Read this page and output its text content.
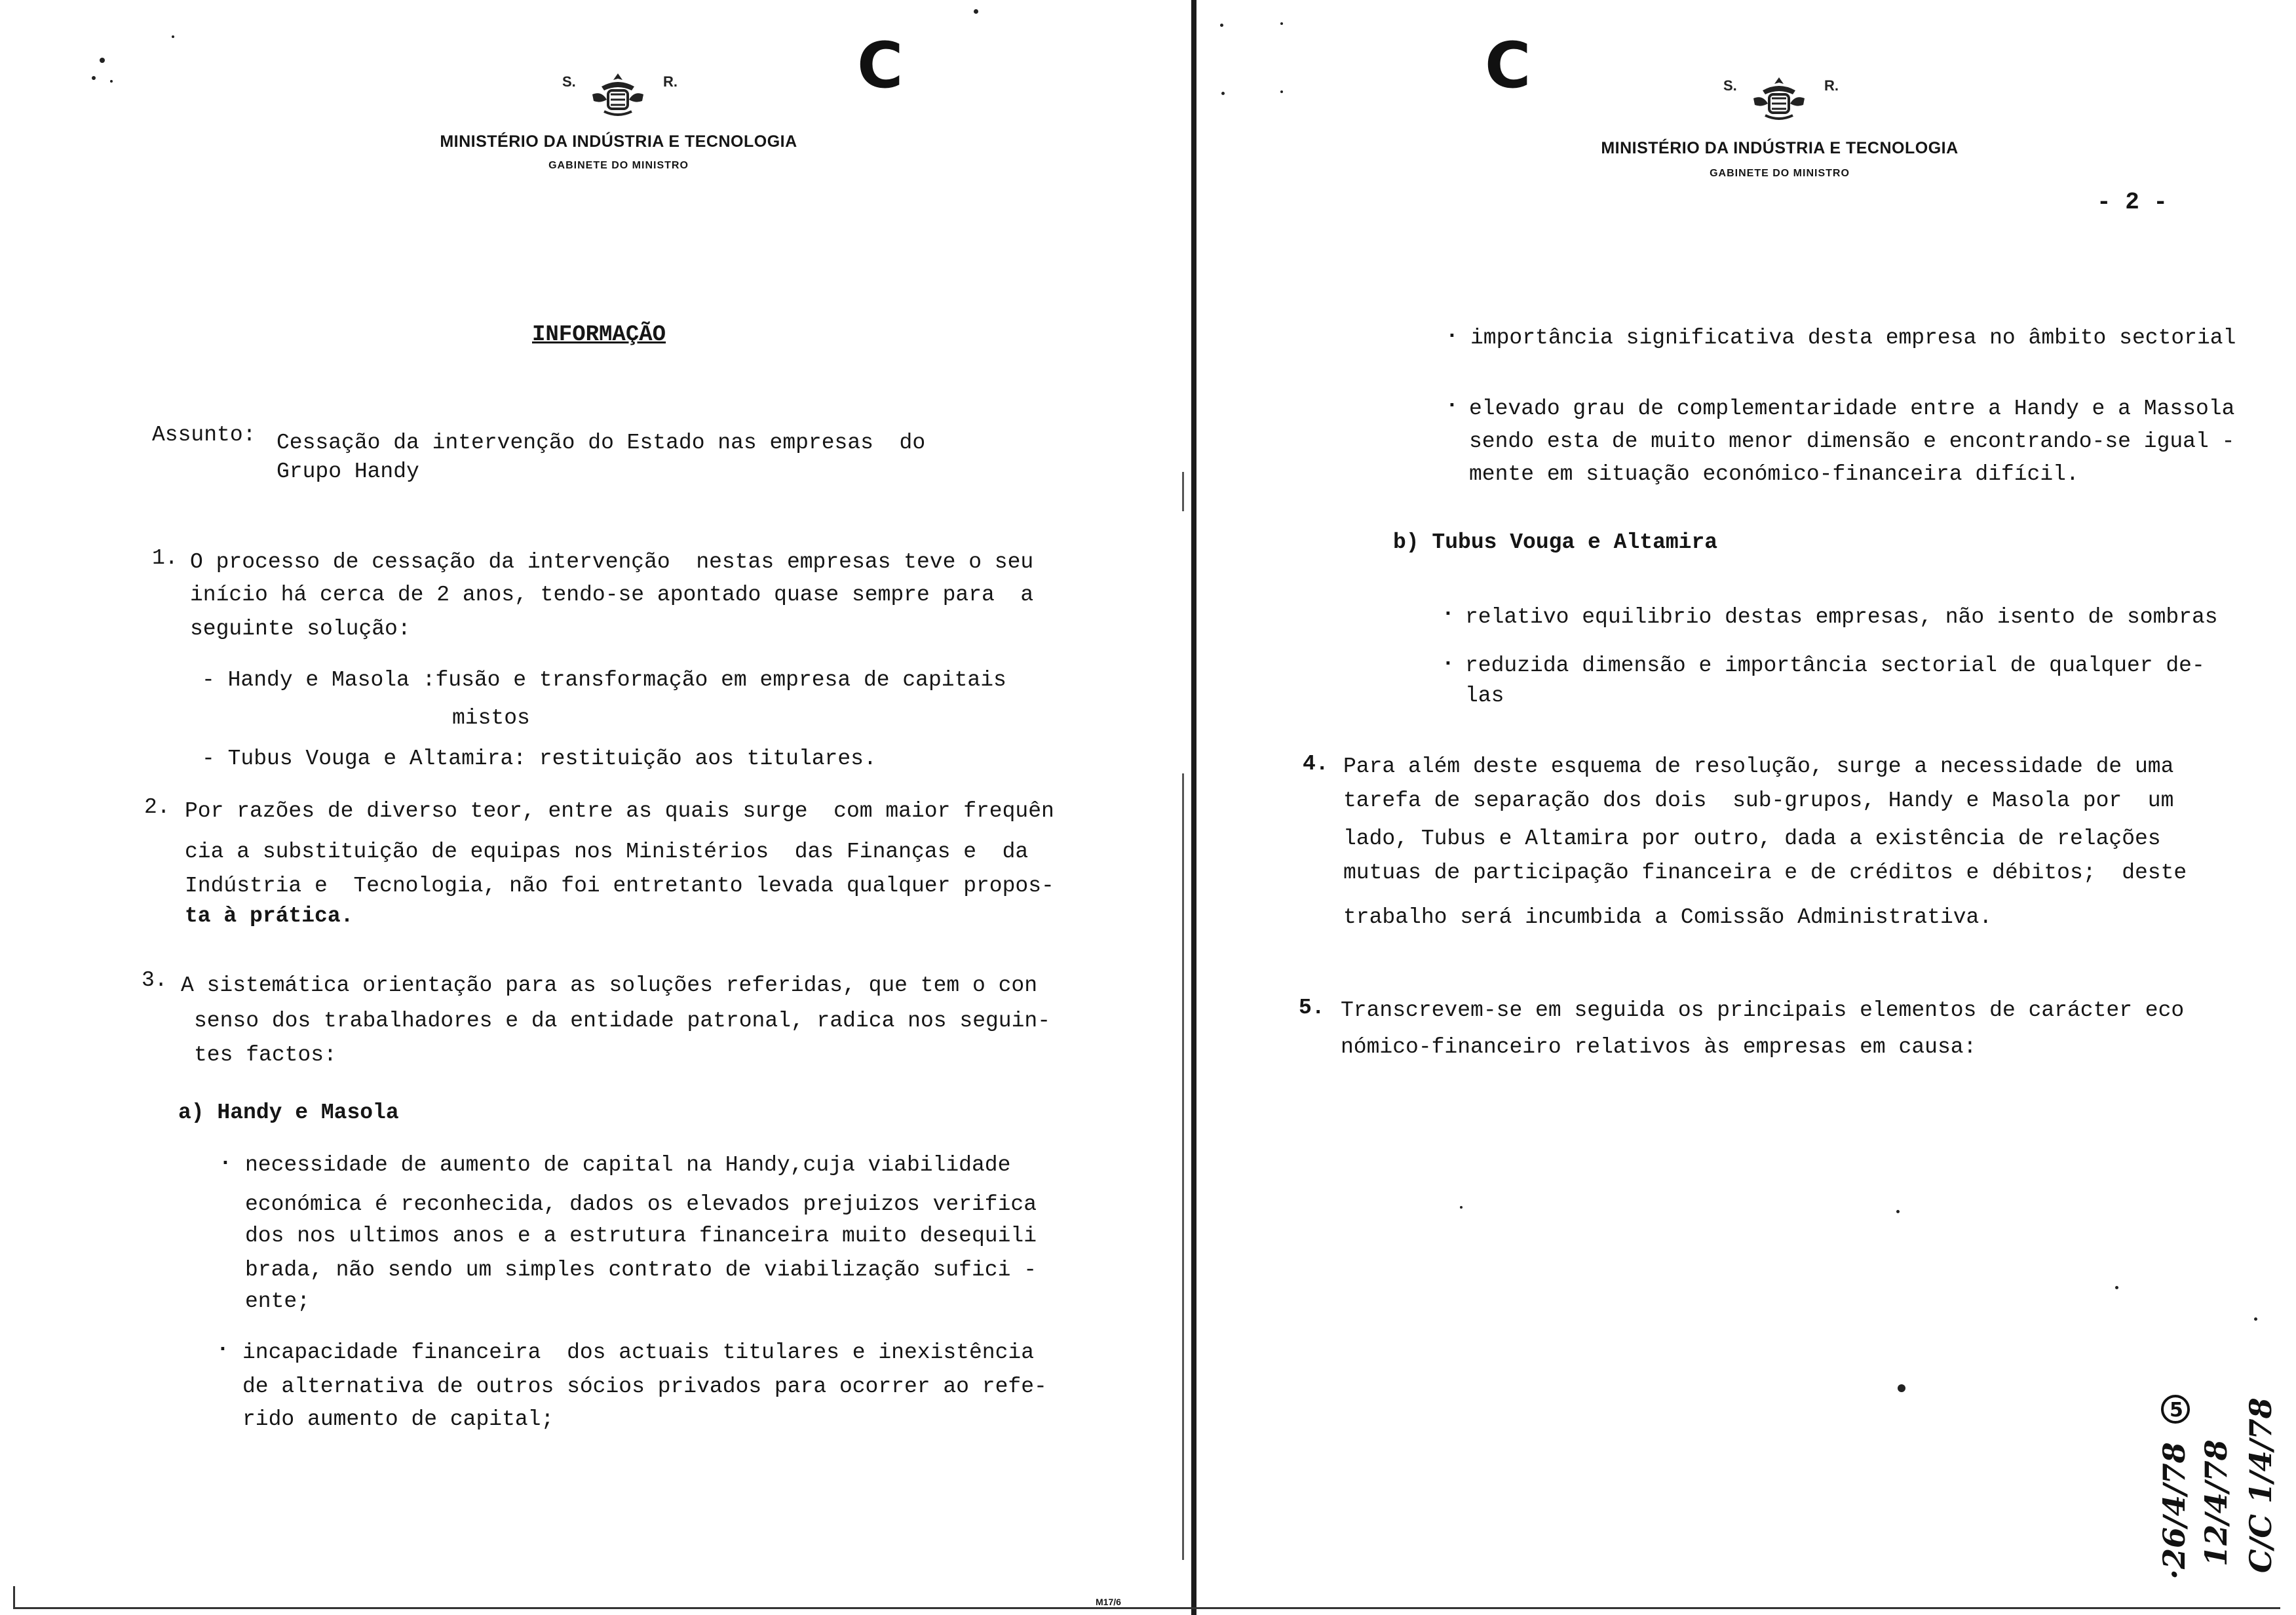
C
S.	R.
MINISTÉRIO DA INDÚSTRIA E TECNOLOGIA
GABINETE DO MINISTRO
INFORMAÇÃO
Assunto: Cessação da intervenção do Estado nas empresas  do
Grupo Handy
1. O processo de cessação da intervenção  nestas empresas teve o seu
início há cerca de 2 anos, tendo-se apontado quase sempre para  a
seguinte solução:
- Handy e Masola :fusão e transformação em empresa de capitais
mistos
- Tubus Vouga e Altamira: restituição aos titulares.
2. Por razões de diverso teor, entre as quais surge  com maior frequên
cia a substituição de equipas nos Ministérios  das Finanças e  da
Indústria e  Tecnologia, não foi entretanto levada qualquer propos-
ta à prática.
3. A sistemática orientação para as soluções referidas, que tem o con
senso dos trabalhadores e da entidade patronal, radica nos seguin-
tes factos:
a) Handy e Masola
· necessidade de aumento de capital na Handy,cuja viabilidade
económica é reconhecida, dados os elevados prejuizos verifica
dos nos ultimos anos e a estrutura financeira muito desequili
brada, não sendo um simples contrato de viabilização sufici -
ente;
· incapacidade financeira  dos actuais titulares e inexistência
de alternativa de outros sócios privados para ocorrer ao refe-
rido aumento de capital;
M17/6
C	S.	R.
MINISTÉRIO DA INDÚSTRIA E TECNOLOGIA
GABINETE DO MINISTRO
- 2 -
· importância significativa desta empresa no âmbito sectorial
· elevado grau de complementaridade entre a Handy e a Massola
sendo esta de muito menor dimensão e encontrando-se igual -
mente em situação económico-financeira difícil.
b) Tubus Vouga e Altamira
· relativo equilibrio destas empresas, não isento de sombras
· reduzida dimensão e importância sectorial de qualquer de-
las
4. Para além deste esquema de resolução, surge a necessidade de uma
tarefa de separação dos dois  sub-grupos, Handy e Masola por  um
lado, Tubus e Altamira por outro, dada a existência de relações
mutuas de participação financeira e de créditos e débitos;  deste
trabalho será incumbida a Comissão Administrativa.
5. Transcrevem-se em seguida os principais elementos de carácter eco
nómico-financeiro relativos às empresas em causa:
·26/4/78 12/4/78 C/C 1/4/78
5
